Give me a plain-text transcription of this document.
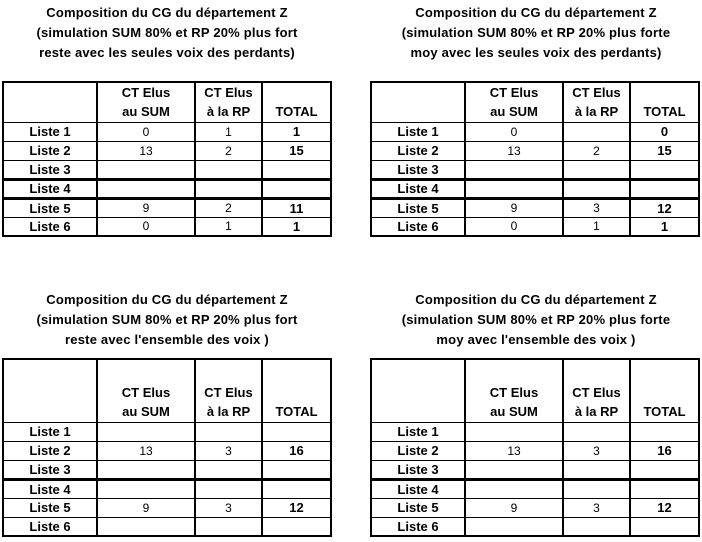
Composition du CG du département Z
(simulation SUM 80% et RP 20% plus fort
reste avec les seules voix des perdants)

CT Elus
au SUM

CT Elus
à la RP	TOTAL

Liste 1	0	1	1
Liste 2	13	2	15
Liste 3			
Liste 4			
Liste 5	9	2	11
Liste 6	0	1	1
Composition du CG du département Z
(simulation SUM 80% et RP 20% plus forte
moy avec les seules voix des perdants)

CT Elus
au SUM

CT Elus
à la RP	TOTAL

Liste 1	0		0
Liste 2	13	2	15
Liste 3			
Liste 4			
Liste 5	9	3	12
Liste 6	0	1	1
Composition du CG du département Z
(simulation SUM 80% et RP 20% plus fort
reste avec l'ensemble des voix )

CT Elus
au SUM

CT Elus
à la RP	TOTAL

Liste 1			
Liste 2	13	3	16
Liste 3			
Liste 4			
Liste 5	9	3	12
Liste 6			
Composition du CG du département Z
(simulation SUM 80% et RP 20% plus forte
moy avec l'ensemble des voix )

CT Elus
au SUM

CT Elus
à la RP	TOTAL

Liste 1			
Liste 2	13	3	16
Liste 3			
Liste 4			
Liste 5	9	3	12
Liste 6			
